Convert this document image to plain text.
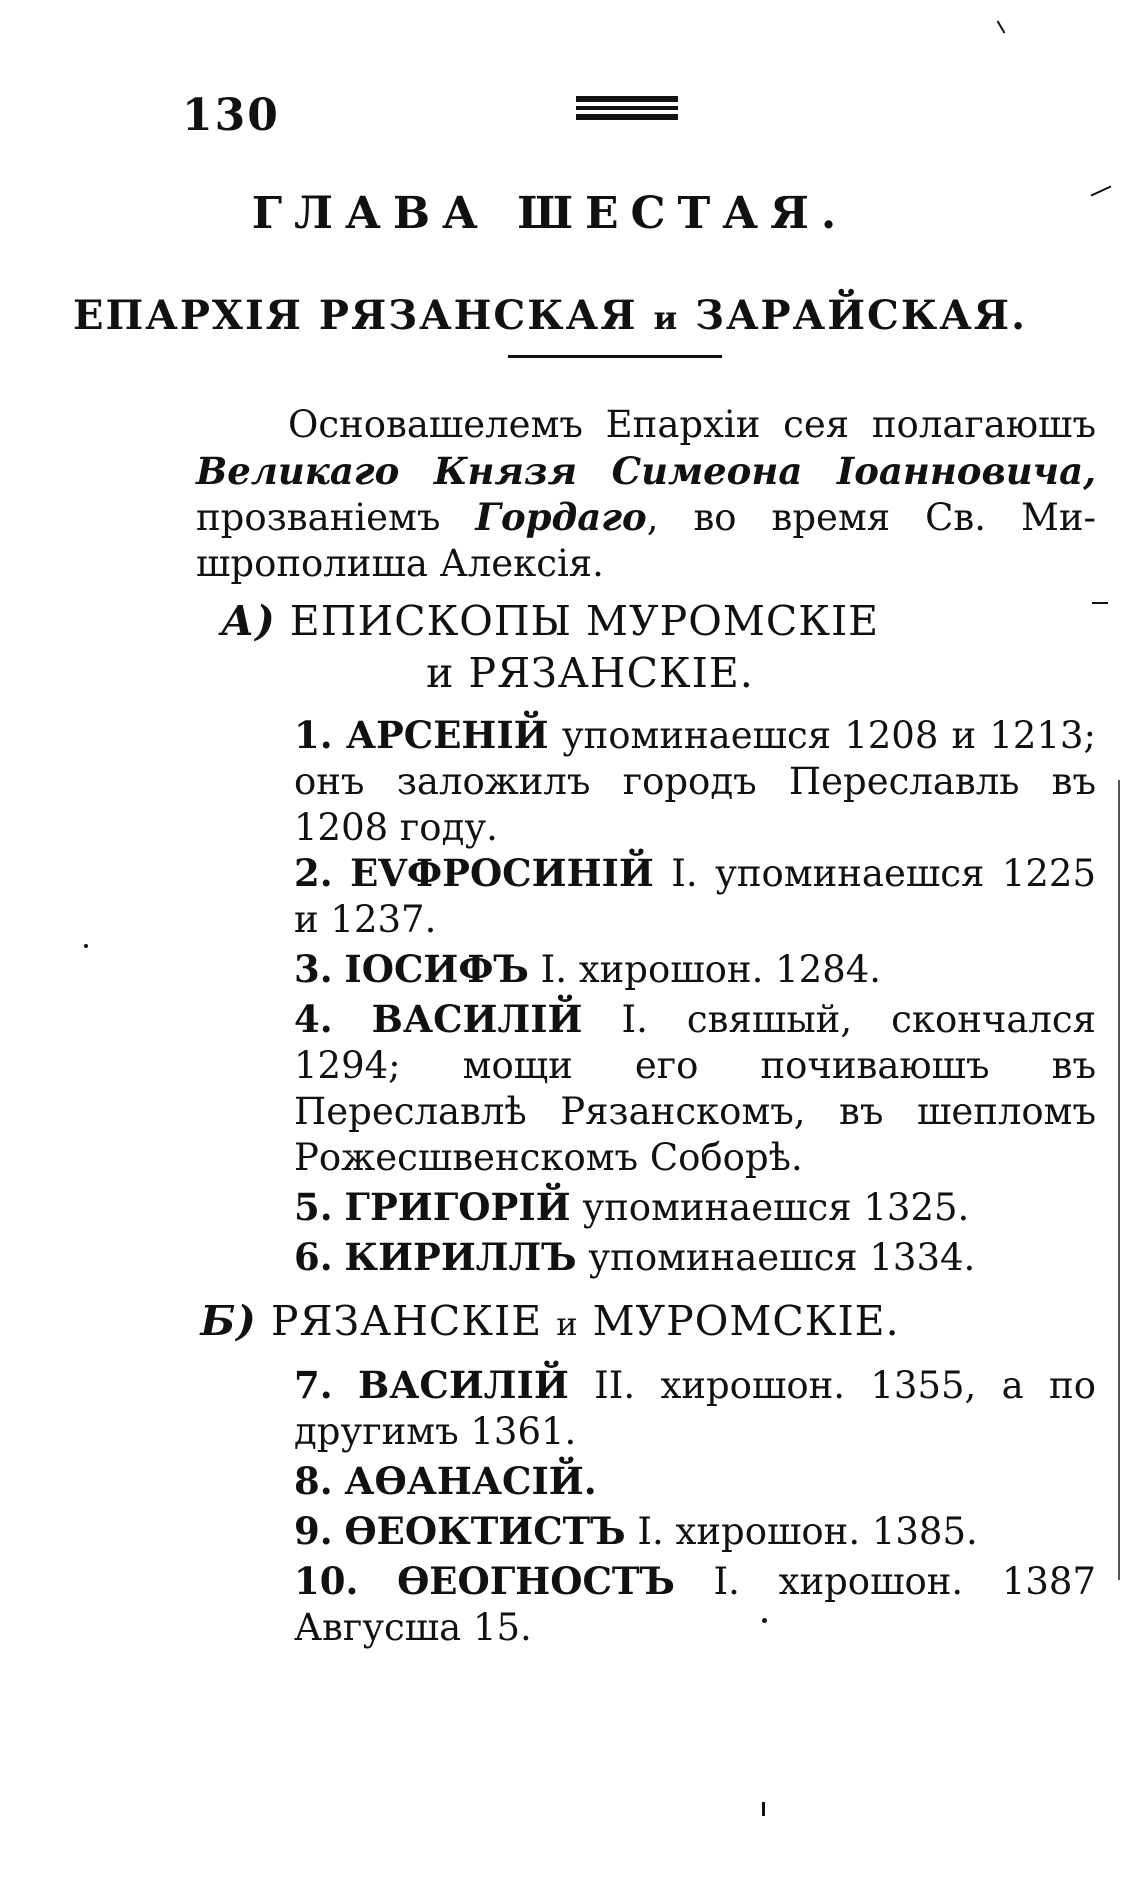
130
ГЛАВА ШЕСТАЯ.
ЕПАРХІЯ РЯЗАНСКАЯ и ЗАРАЙСКАЯ.
Основашелемъ Епархіи сея полагаюшъ
Великаго Князя Симеона Іоанновича,
прозваніемъ Гордаго, во время Св. Ми-
шрополиша Алексія.
А) ЕПИСКОПЫ МУРОМСКІЕ
и РЯЗАНСКІЕ.
1. АРСЕНІЙ упоминаешся 1208 и 1213; онъ заложилъ городъ Переславль въ 1208 году.
2. ЕVФРОСИНІЙ I. упоминаешся 1225 и 1237.
3. ІОСИФЪ I. хирошон. 1284.
4. ВАСИЛІЙ I. свяшый, скончался 1294; мощи его почиваюшъ въ Переславлѣ Рязанскомъ, въ шепломъ Рожесшвенскомъ Соборѣ.
5. ГРИГОРІЙ упоминаешся 1325.
6. КИРИЛЛЪ упоминаешся 1334.
Б) РЯЗАНСКІЕ и МУРОМСКІЕ.
7. ВАСИЛІЙ II. хирошон. 1355, а по другимъ 1361.
8. АѲАНАСІЙ.
9. ѲЕОКТИСТЪ I. хирошон. 1385.
10. ѲЕОГНОСТЪ I. хирошон. 1387 Авгусша 15.
